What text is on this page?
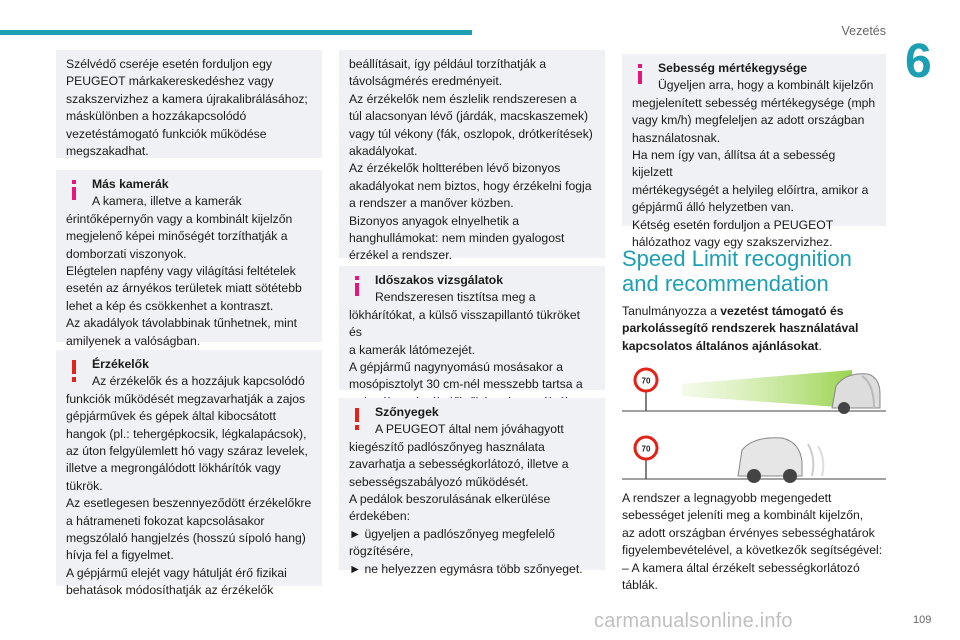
Vezetés
6
Szélvédő cseréje esetén forduljon egy
PEUGEOT márkakereskedéshez vagy
szakszervizhez a kamera újrakalibrálásához;
máskülönben a hozzákapcsolódó
vezetéstámogató funkciók működése
megszakadhat.
Más kamerák
A kamera, illetve a kamerák
érintőképernyőn vagy a kombinált kijelzőn
megjelenő képei minőségét torzíthatják a
domborzati viszonyok.
Elégtelen napfény vagy világítási feltételek
esetén az árnyékos területek miatt sötétebb
lehet a kép és csökkenhet a kontraszt.
Az akadályok távolabbinak tűnhetnek, mint
amilyenek a valóságban.
Érzékelők
Az érzékelők és a hozzájuk kapcsolódó
funkciók működését megzavarhatják a zajos
gépjárművek és gépek által kibocsátott
hangok (pl.: tehergépkocsik, légkalapácsok),
az úton felgyülemlett hó vagy száraz levelek,
illetve a megrongálódott lökhárítók vagy
tükrök.
Az esetlegesen beszennyeződött érzékelőkre
a hátrameneti fokozat kapcsolásakor
megszólaló hangjelzés (hosszú sípoló hang)
hívja fel a figyelmet.
A gépjármű elejét vagy hátulját érő fizikai
behatások módosíthatják az érzékelők
beállításait, így például torzíthatják a
távolságmérés eredményeit.
Az érzékelők nem észlelik rendszeresen a
túl alacsonyan lévő (járdák, macskaszemek)
vagy túl vékony (fák, oszlopok, drótkerítések)
akadályokat.
Az érzékelők holtterében lévő bizonyos
akadályokat nem biztos, hogy érzékelni fogja
a rendszer a manőver közben.
Bizonyos anyagok elnyelhetik a
hanghullámokat: nem minden gyalogost
érzékel a rendszer.
Időszakos vizsgálatok
Rendszeresen tisztítsa meg a
lökhárítókat, a külső visszapillantó tükröket és
a kamerák látómezejét.
A gépjármű nagynyomású mosásakor a
mosópisztolyt 30 cm-nél messzebb tartsa a
Szőnyegek
A PEUGEOT által nem jóváhagyott
kiegészítő padlószőnyeg használata
zavarhatja a sebességkorlátozó, illetve a
sebességszabályozó működését.
A pedálok beszorulásának elkerülése
érdekében:
► ügyeljen a padlószőnyeg megfelelő
rögzítésére,
► ne helyezzen egymásra több szőnyeget.
Sebesség mértékegysége
Ügyeljen arra, hogy a kombinált kijelzőn
megjelenített sebesség mértékegysége (mph
vagy km/h) megfeleljen az adott országban
használatosnak.
Ha nem így van, állítsa át a sebesség kijelzett
mértékegységét a helyileg előírtra, amikor a
gépjármű álló helyzetben van.
Kétség esetén forduljon a PEUGEOT
hálózathoz vagy egy szakszervizhez.
Speed Limit recognition
and recommendation
Tanulmányozza a vezetést támogató és
parkolássegítő rendszerek használatával
kapcsolatos általános ajánlásokat.
70
70
A rendszer a legnagyobb megengedett
sebességet jeleníti meg a kombinált kijelzőn,
az adott országban érvényes sebességhatárok
figyelembevételével, a következők segítségével:
– A kamera által érzékelt sebességkorlátozó
táblák.
carmanualsonline.info	109
